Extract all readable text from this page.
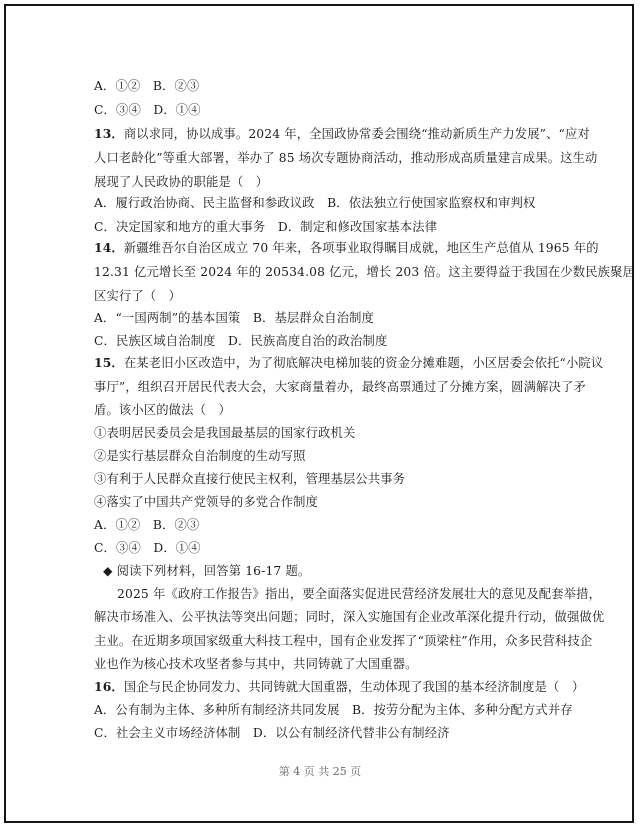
A．①②　B．②③
C．③④　D．①④
13．商以求同，协以成事。2024 年，全国政协常委会围绕“推动新质生产力发展”、“应对
人口老龄化”等重大部署，举办了 85 场次专题协商活动，推动形成高质量建言成果。这生动
展现了人民政协的职能是（　）
A．履行政治协商、民主监督和参政议政　B．依法独立行使国家监察权和审判权
C．决定国家和地方的重大事务　D．制定和修改国家基本法律
14．新疆维吾尔自治区成立 70 年来，各项事业取得瞩目成就，地区生产总值从 1965 年的
12.31 亿元增长至 2024 年的 20534.08 亿元，增长 203 倍。这主要得益于我国在少数民族聚居
区实行了（　）
A．“一国两制”的基本国策　B．基层群众自治制度
C．民族区域自治制度　D．民族高度自治的政治制度
15．在某老旧小区改造中，为了彻底解决电梯加装的资金分摊难题，小区居委会依托“小院议
事厅”，组织召开居民代表大会，大家商量着办，最终高票通过了分摊方案，圆满解决了矛
盾。该小区的做法（　）
①表明居民委员会是我国最基层的国家行政机关
②是实行基层群众自治制度的生动写照
③有利于人民群众直接行使民主权利，管理基层公共事务
④落实了中国共产党领导的多党合作制度
A．①②　B．②③
C．③④　D．①④
◆ 阅读下列材料，回答第 16-17 题。
2025 年《政府工作报告》指出，要全面落实促进民营经济发展壮大的意见及配套举措，
解决市场准入、公平执法等突出问题；同时，深入实施国有企业改革深化提升行动，做强做优
主业。在近期多项国家级重大科技工程中，国有企业发挥了“顶梁柱”作用，众多民营科技企
业也作为核心技术攻坚者参与其中，共同铸就了大国重器。
16．国企与民企协同发力、共同铸就大国重器，生动体现了我国的基本经济制度是（　）
A．公有制为主体、多种所有制经济共同发展　B．按劳分配为主体、多种分配方式并存
C．社会主义市场经济体制　D．以公有制经济代替非公有制经济
第 4 页 共 25 页
